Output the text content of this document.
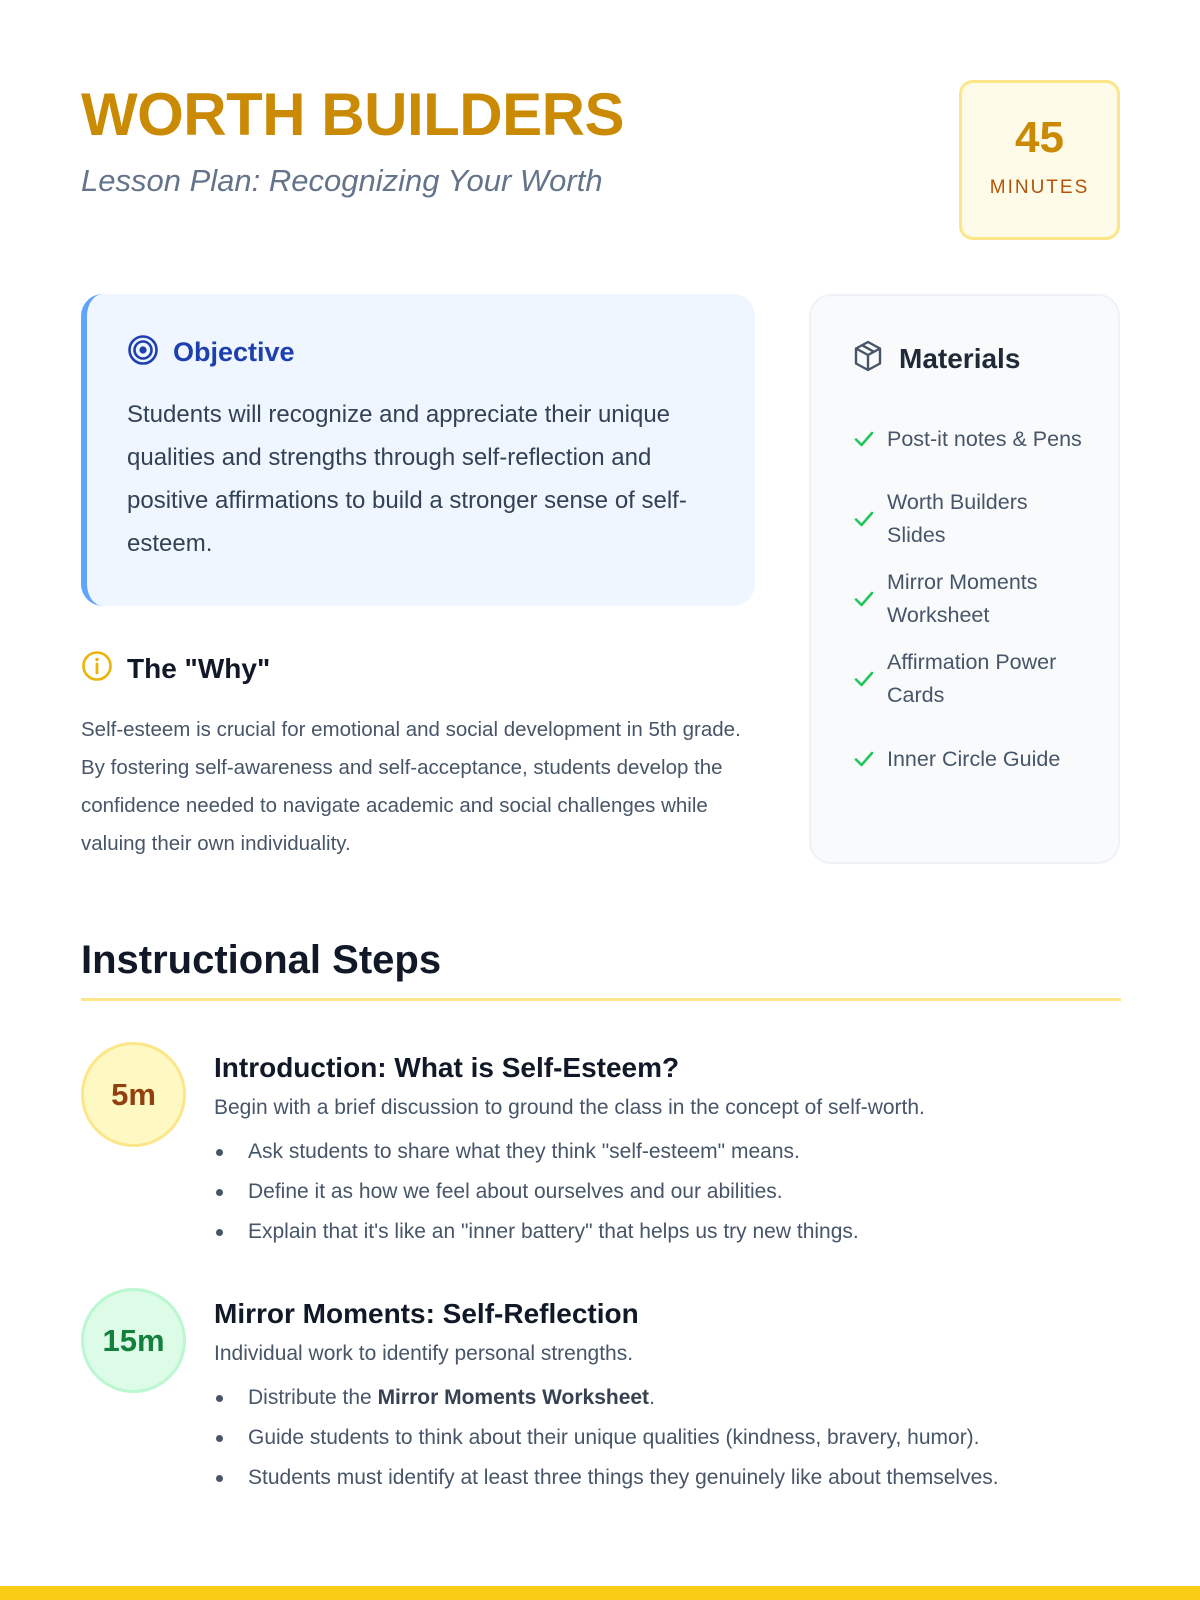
WORTH BUILDERS
Lesson Plan: Recognizing Your Worth
45
MINUTES
Objective

Students will recognize and appreciate their unique qualities and strengths through self-reflection and positive affirmations to build a stronger sense of self-esteem.

The "Why"

Self-esteem is crucial for emotional and social development in 5th grade. By fostering self-awareness and self-acceptance, students develop the confidence needed to navigate academic and social challenges while valuing their own individuality.

Materials
Post-it notes & Pens
Worth Builders Slides
Mirror Moments Worksheet
Affirmation Power Cards
Inner Circle Guide
Instructional Steps
5m
Introduction: What is Self-Esteem?

Begin with a brief discussion to ground the class in the concept of self-worth.

Ask students to share what they think "self-esteem" means.
Define it as how we feel about ourselves and our abilities.
Explain that it's like an "inner battery" that helps us try new things.
15m
Mirror Moments: Self-Reflection

Individual work to identify personal strengths.

Distribute the Mirror Moments Worksheet.
Guide students to think about their unique qualities (kindness, bravery, humor).
Students must identify at least three things they genuinely like about themselves.
